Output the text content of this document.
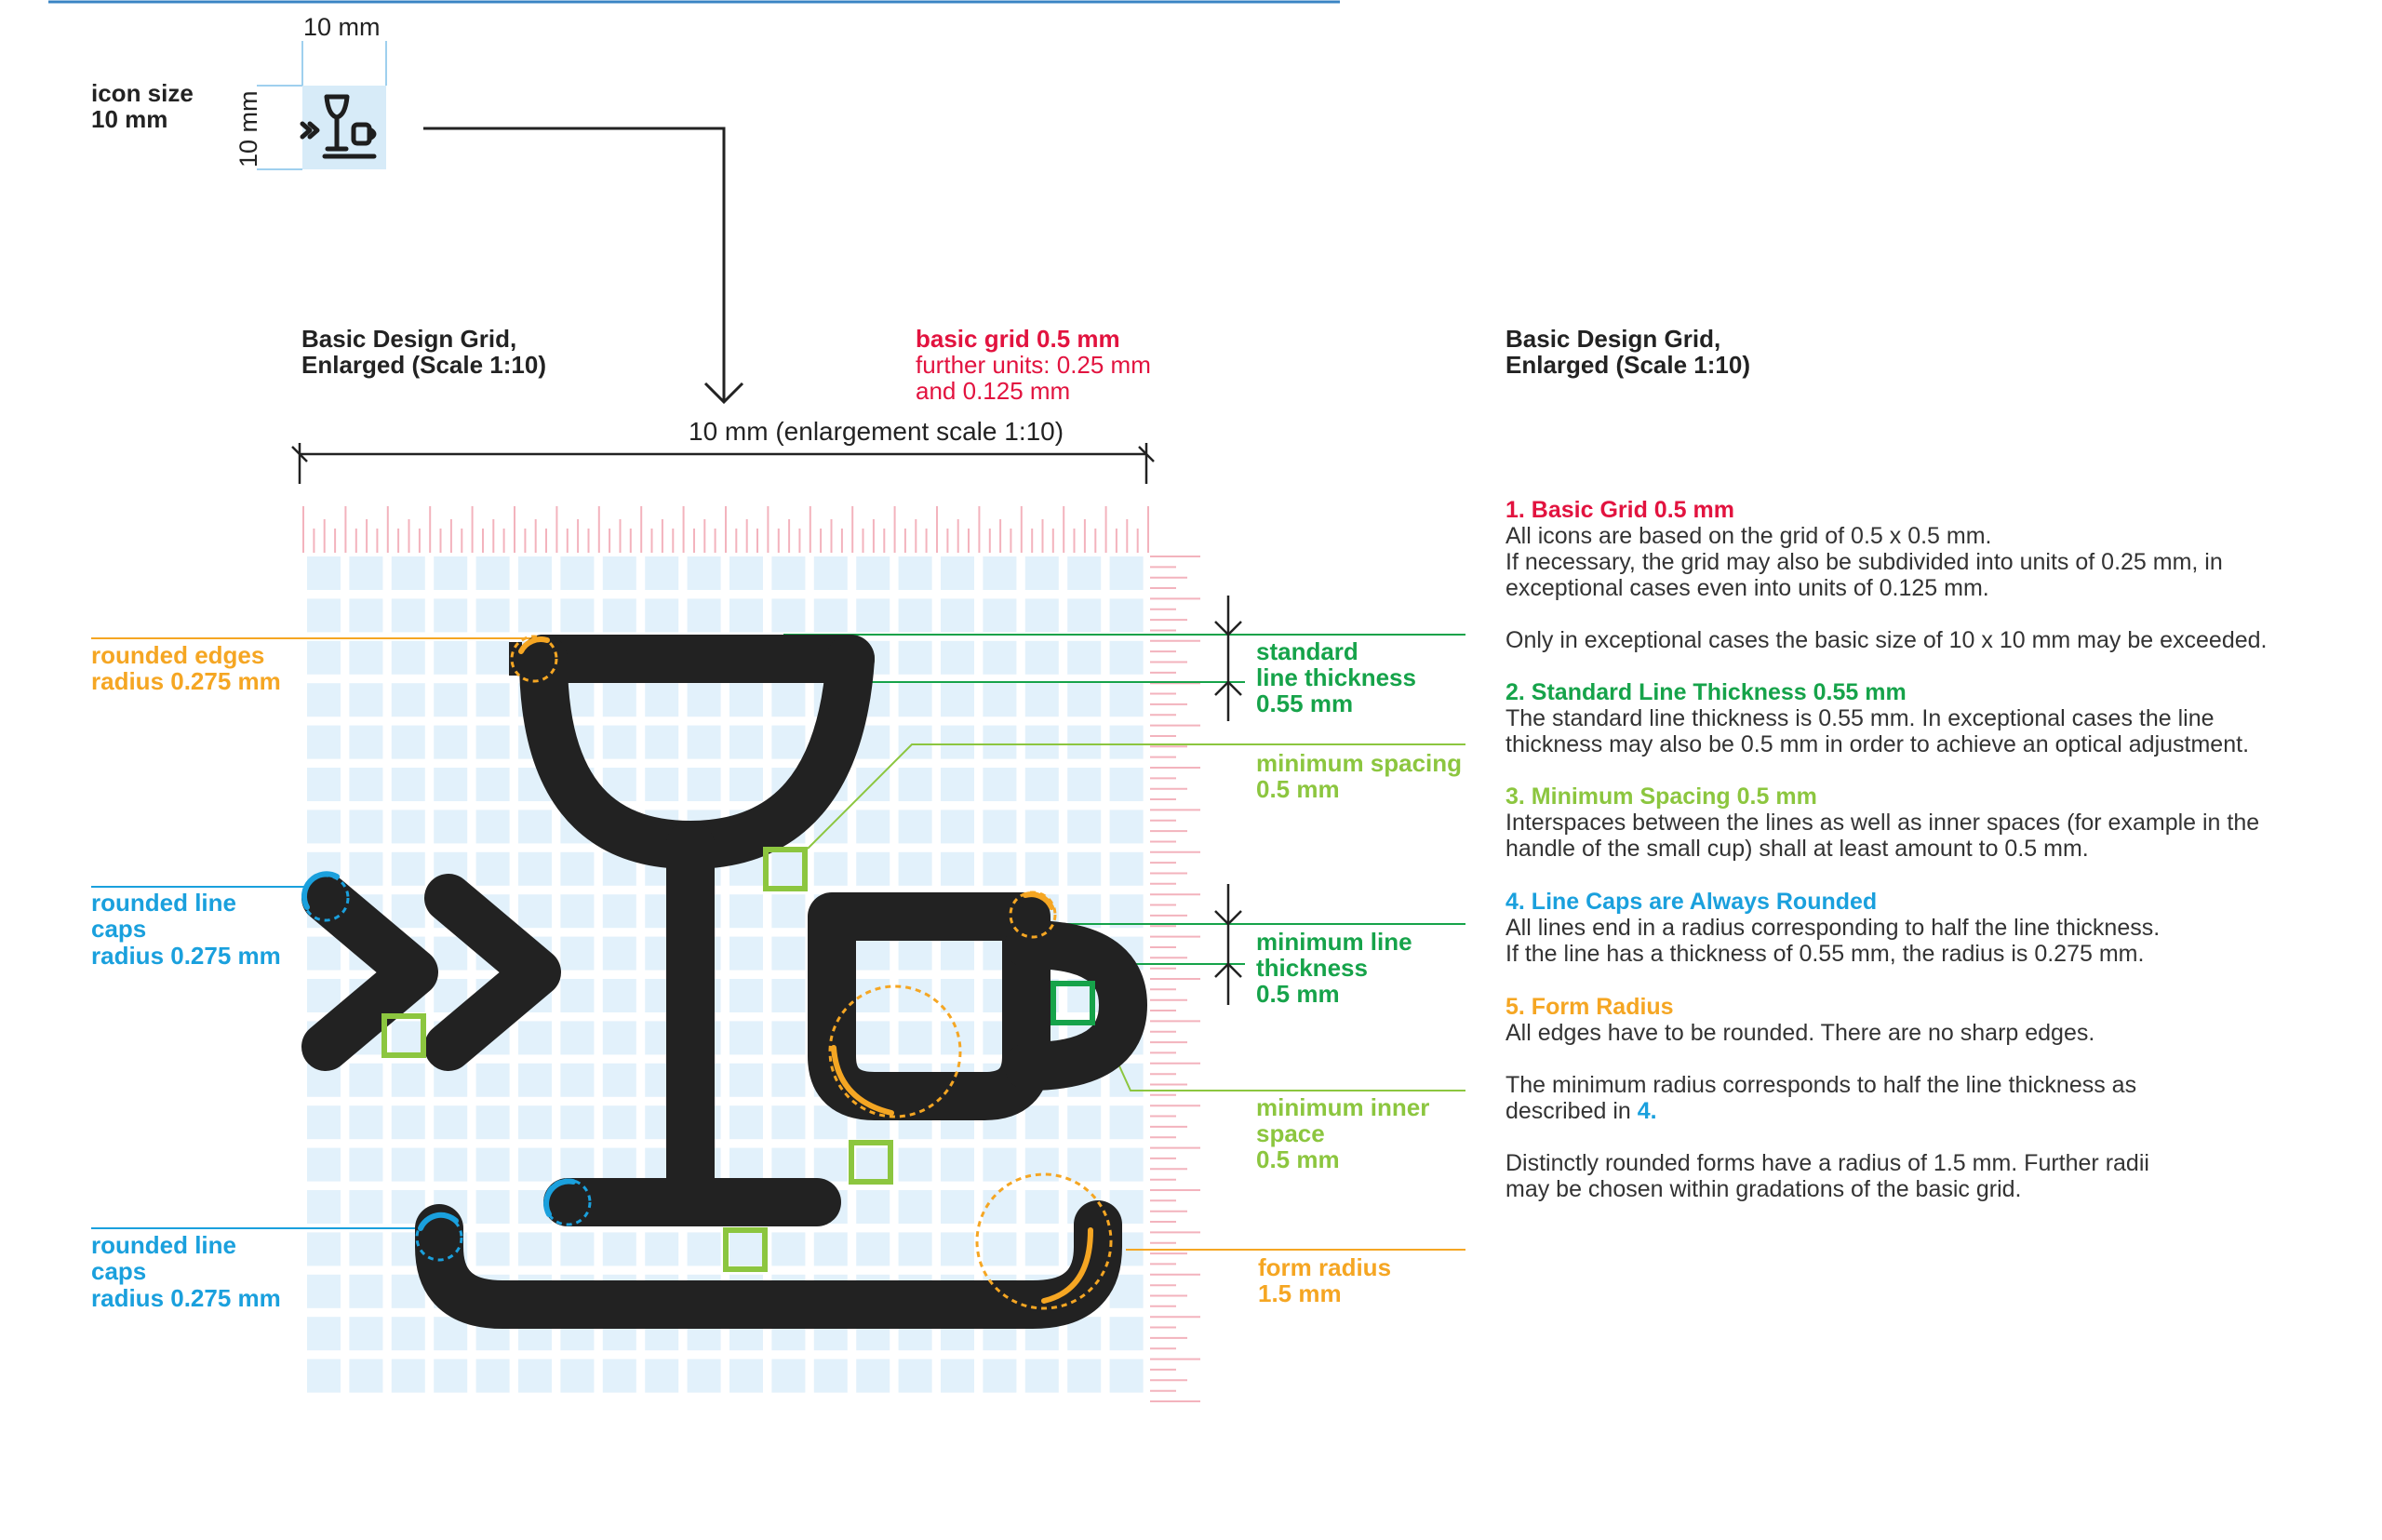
10 mm
10 mm
icon size
10 mm
Basic Design Grid,
Enlarged (Scale 1:10)
basic grid 0.5 mm
further units: 0.25 mm
and 0.125 mm
10 mm (enlargement scale 1:10)
Basic Design Grid,
Enlarged (Scale 1:10)
rounded edges
radius 0.275 mm
rounded line
caps
radius 0.275 mm
rounded line
caps
radius 0.275 mm
standard
line thickness
0.55 mm
minimum spacing
0.5 mm
minimum line
thickness
0.5 mm
minimum inner
space
0.5 mm
form radius
1.5 mm
1. Basic Grid 0.5 mm
All icons are based on the grid of 0.5 x 0.5 mm.
If necessary, the grid may also be subdivided into units of 0.25 mm, in
exceptional cases even into units of 0.125 mm.
Only in exceptional cases the basic size of 10 x 10 mm may be exceeded.
2. Standard Line Thickness 0.55 mm
The standard line thickness is 0.55 mm. In exceptional cases the line
thickness may also be 0.5 mm in order to achieve an optical adjustment.
3. Minimum Spacing 0.5 mm
Interspaces between the lines as well as inner spaces (for example in the
handle of the small cup) shall at least amount to 0.5 mm.
4. Line Caps are Always Rounded
All lines end in a radius corresponding to half the line thickness.
If the line has a thickness of 0.55 mm, the radius is 0.275 mm.
5. Form Radius
All edges have to be rounded. There are no sharp edges.
The minimum radius corresponds to half the line thickness as
described in 4.
Distinctly rounded forms have a radius of 1.5 mm. Further radii
may be chosen within gradations of the basic grid.
